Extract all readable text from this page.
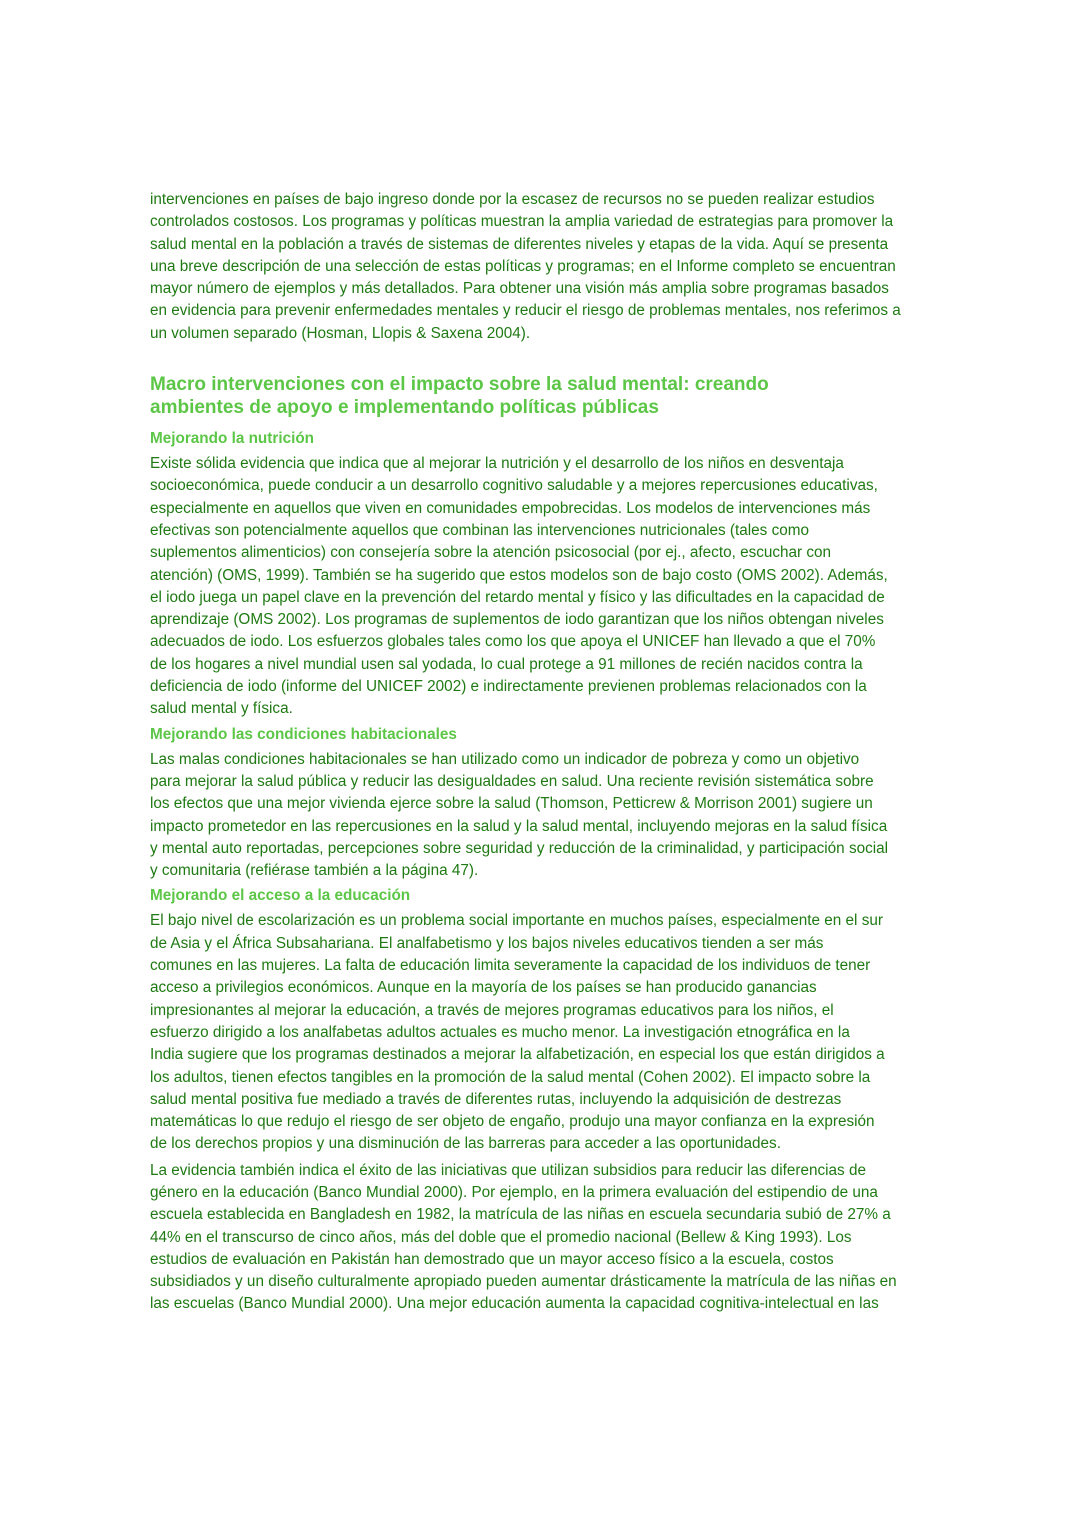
intervenciones en países de bajo ingreso donde por la escasez de recursos no se pueden realizar estudios
controlados costosos. Los programas y políticas muestran la amplia variedad de estrategias para promover la
salud mental en la población a través de sistemas de diferentes niveles y etapas de la vida. Aquí se presenta
una breve descripción de una selección de estas políticas y programas; en el Informe completo se encuentran
mayor número de ejemplos y más detallados. Para obtener una visión más amplia sobre programas basados
en evidencia para prevenir enfermedades mentales y reducir el riesgo de problemas mentales, nos referimos a
un volumen separado (Hosman, Llopis & Saxena 2004).
Macro intervenciones con el impacto sobre la salud mental: creando
ambientes de apoyo e implementando políticas públicas
Mejorando la nutrición
Existe sólida evidencia que indica que al mejorar la nutrición y el desarrollo de los niños en desventaja
socioeconómica, puede conducir a un desarrollo cognitivo saludable y a mejores repercusiones educativas,
especialmente en aquellos que viven en comunidades empobrecidas. Los modelos de intervenciones más
efectivas son potencialmente aquellos que combinan las intervenciones nutricionales (tales como
suplementos alimenticios) con consejería sobre la atención psicosocial (por ej., afecto, escuchar con
atención) (OMS, 1999). También se ha sugerido que estos modelos son de bajo costo (OMS 2002). Además,
el iodo juega un papel clave en la prevención del retardo mental y físico y las dificultades en la capacidad de
aprendizaje (OMS 2002). Los programas de suplementos de iodo garantizan que los niños obtengan niveles
adecuados de iodo. Los esfuerzos globales tales como los que apoya el UNICEF han llevado a que el 70%
de los hogares a nivel mundial usen sal yodada, lo cual protege a 91 millones de recién nacidos contra la
deficiencia de iodo (informe del UNICEF 2002) e indirectamente previenen problemas relacionados con la
salud mental y física.
Mejorando las condiciones habitacionales
Las malas condiciones habitacionales se han utilizado como un indicador de pobreza y como un objetivo
para mejorar la salud pública y reducir las desigualdades en salud. Una reciente revisión sistemática sobre
los efectos que una mejor vivienda ejerce sobre la salud (Thomson, Petticrew & Morrison 2001) sugiere un
impacto prometedor en las repercusiones en la salud y la salud mental, incluyendo mejoras en la salud física
y mental auto reportadas, percepciones sobre seguridad y reducción de la criminalidad, y participación social
y comunitaria (refiérase también a la página 47).
Mejorando el acceso a la educación
El bajo nivel de escolarización es un problema social importante en muchos países, especialmente en el sur
de Asia y el África Subsahariana. El analfabetismo y los bajos niveles educativos tienden a ser más
comunes en las mujeres. La falta de educación limita severamente la capacidad de los individuos de tener
acceso a privilegios económicos. Aunque en la mayoría de los países se han producido ganancias
impresionantes al mejorar la educación, a través de mejores programas educativos para los niños, el
esfuerzo dirigido a los analfabetas adultos actuales es mucho menor. La investigación etnográfica en la
India sugiere que los programas destinados a mejorar la alfabetización, en especial los que están dirigidos a
los adultos, tienen efectos tangibles en la promoción de la salud mental (Cohen 2002). El impacto sobre la
salud mental positiva fue mediado a través de diferentes rutas, incluyendo la adquisición de destrezas
matemáticas lo que redujo el riesgo de ser objeto de engaño, produjo una mayor confianza en la expresión
de los derechos propios y una disminución de las barreras para acceder a las oportunidades.
La evidencia también indica el éxito de las iniciativas que utilizan subsidios para reducir las diferencias de
género en la educación (Banco Mundial 2000). Por ejemplo, en la primera evaluación del estipendio de una
escuela establecida en Bangladesh en 1982, la matrícula de las niñas en escuela secundaria subió de 27% a
44% en el transcurso de cinco años, más del doble que el promedio nacional (Bellew & King 1993). Los
estudios de evaluación en Pakistán han demostrado que un mayor acceso físico a la escuela, costos
subsidiados y un diseño culturalmente apropiado pueden aumentar drásticamente la matrícula de las niñas en
las escuelas (Banco Mundial 2000). Una mejor educación aumenta la capacidad cognitiva-intelectual en las
